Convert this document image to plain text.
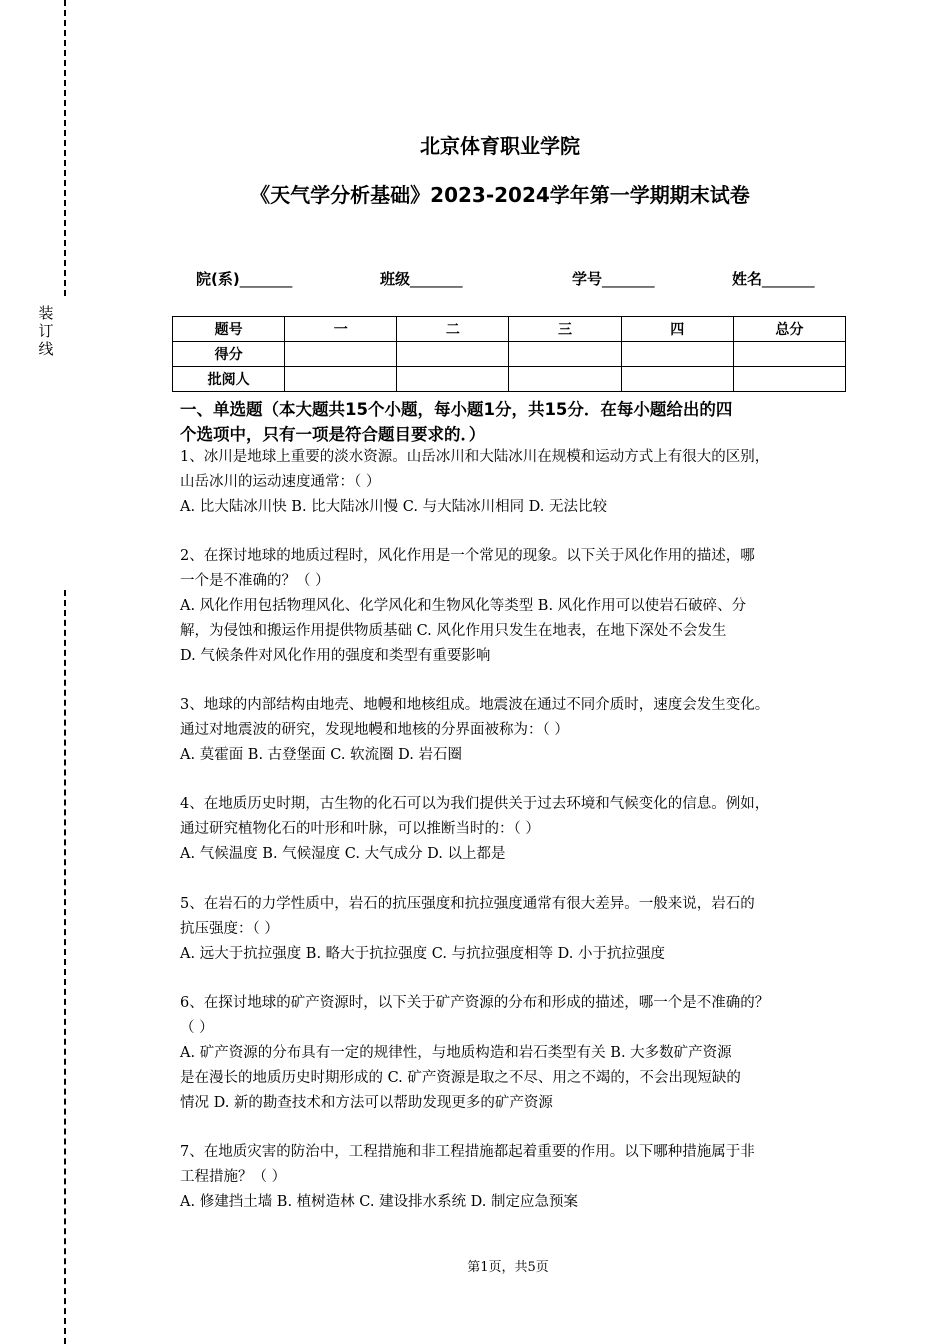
装订线
北京体育职业学院
《天气学分析基础》2023-2024学年第一学期期末试卷
院(系)_______	班级_______	学号_______	姓名_______
题号	一	二	三	四	总分
得分					
批阅人					
一、单选题（本大题共15个小题，每小题1分，共15分．在每小题给出的四
个选项中，只有一项是符合题目要求的．）

1、冰川是地球上重要的淡水资源。山岳冰川和大陆冰川在规模和运动方式上有很大的区别，

山岳冰川的运动速度通常：（ ）

A. 比大陆冰川快 B. 比大陆冰川慢 C. 与大陆冰川相同 D. 无法比较

2、在探讨地球的地质过程时，风化作用是一个常见的现象。以下关于风化作用的描述，哪

一个是不准确的？（ ）

A. 风化作用包括物理风化、化学风化和生物风化等类型 B. 风化作用可以使岩石破碎、分

解，为侵蚀和搬运作用提供物质基础 C. 风化作用只发生在地表，在地下深处不会发生

D. 气候条件对风化作用的强度和类型有重要影响

3、地球的内部结构由地壳、地幔和地核组成。地震波在通过不同介质时，速度会发生变化。

通过对地震波的研究，发现地幔和地核的分界面被称为：（ ）

A. 莫霍面 B. 古登堡面 C. 软流圈 D. 岩石圈

4、在地质历史时期，古生物的化石可以为我们提供关于过去环境和气候变化的信息。例如，

通过研究植物化石的叶形和叶脉，可以推断当时的：（ ）

A. 气候温度 B. 气候湿度 C. 大气成分 D. 以上都是

5、在岩石的力学性质中，岩石的抗压强度和抗拉强度通常有很大差异。一般来说，岩石的

抗压强度：（ ）

A. 远大于抗拉强度 B. 略大于抗拉强度 C. 与抗拉强度相等 D. 小于抗拉强度

6、在探讨地球的矿产资源时，以下关于矿产资源的分布和形成的描述，哪一个是不准确的？

（ ）

A. 矿产资源的分布具有一定的规律性，与地质构造和岩石类型有关 B. 大多数矿产资源

是在漫长的地质历史时期形成的 C. 矿产资源是取之不尽、用之不竭的，不会出现短缺的

情况 D. 新的勘查技术和方法可以帮助发现更多的矿产资源

7、在地质灾害的防治中，工程措施和非工程措施都起着重要的作用。以下哪种措施属于非

工程措施？（ ）

A. 修建挡土墙 B. 植树造林 C. 建设排水系统 D. 制定应急预案

第1页，共5页
